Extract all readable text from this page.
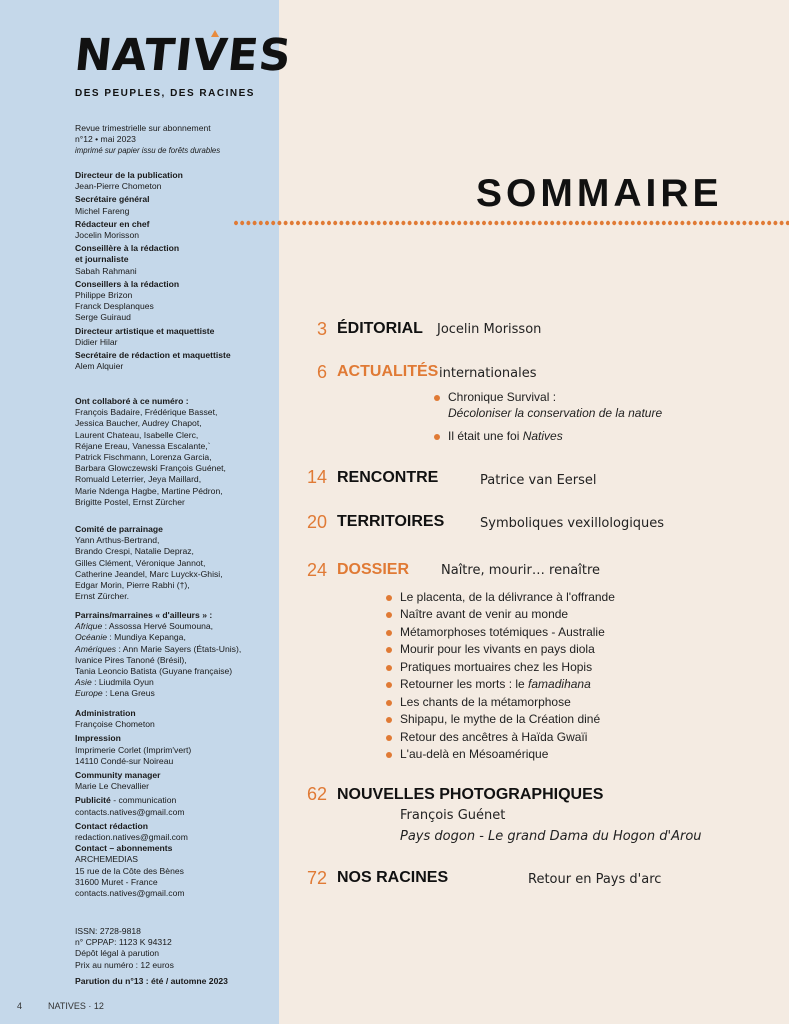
NATIVES
DES PEUPLES, DES RACINES
Revue trimestrielle sur abonnement
n°12 • mai 2023
imprimé sur papier issu de forêts durables
Directeur de la publication
Jean-Pierre Chometon
Secrétaire général
Michel Fareng
Rédacteur en chef
Jocelin Morisson
Conseillère à la rédaction
et journaliste
Sabah Rahmani
Conseillers à la rédaction
Philippe Brizon
Franck Desplanques
Serge Guiraud
Directeur artistique et maquettiste
Didier Hilar
Secrétaire de rédaction et maquettiste
Alem Alquier
Ont collaboré à ce numéro :
François Badaire, Frédérique Basset,
Jessica Baucher, Audrey Chapot,
Laurent Chateau, Isabelle Clerc,
Réjane Ereau, Vanessa Escalante,`
Patrick Fischmann, Lorenza Garcia,
Barbara Glowczewski François Guénet,
Romuald Leterrier, Jeya Maillard,
Marie Ndenga Hagbe, Martine Pédron,
Brigitte Postel, Ernst Zürcher
Comité de parrainage
Yann Arthus-Bertrand,
Brando Crespi, Natalie Depraz,
Gilles Clément, Véronique Jannot,
Catherine Jeandel, Marc Luyckx-Ghisi,
Edgar Morin, Pierre Rabhi (†),
Ernst Zürcher.
Parrains/marraines « d'ailleurs » :
Afrique : Assossa Hervé Soumouna,
Océanie : Mundiya Kepanga,
Amériques : Ann Marie Sayers (États-Unis),
Ivanice Pires Tanoné (Brésil),
Tania Leoncio Batista (Guyane française)
Asie : Liudmila Oyun
Europe : Lena Greus
Administration
Françoise Chometon
Impression
Imprimerie Corlet (Imprim'vert)
14110 Condé-sur Noireau
Community manager
Marie Le Chevallier
Publicité - communication
contacts.natives@gmail.com
Contact rédaction
redaction.natives@gmail.com
Contact – abonnements
ARCHEMEDIAS
15 rue de la Côte des Bènes
31600 Muret - France
contacts.natives@gmail.com
ISSN: 2728-9818
n° CPPAP: 1123 K 94312
Dépôt légal à parution
Prix au numéro : 12 euros
Parution du n°13 : été / automne 2023
4	NATIVES · 12
SOMMAIRE
3 ÉDITORIAL Jocelin Morisson
6 ACTUALITÉS internationales
Chronique Survival :
Décoloniser la conservation de la nature
Il était une foi Natives
14 RENCONTRE	Patrice van Eersel
20 TERRITOIRES	Symboliques vexillologiques
24 DOSSIER Naître, mourir… renaître
Le placenta, de la délivrance à l'offrande
Naître avant de venir au monde
Métamorphoses totémiques - Australie
Mourir pour les vivants en pays diola
Pratiques mortuaires chez les Hopis
Retourner les morts : le famadihana
Les chants de la métamorphose
Shipapu, le mythe de la Création diné
Retour des ancêtres à Haïda Gwaïi
L'au-delà en Mésoamérique
62 NOUVELLES PHOTOGRAPHIQUES
François Guénet
Pays dogon - Le grand Dama du Hogon d'Arou
72 NOS RACINES	Retour en Pays d'arc
